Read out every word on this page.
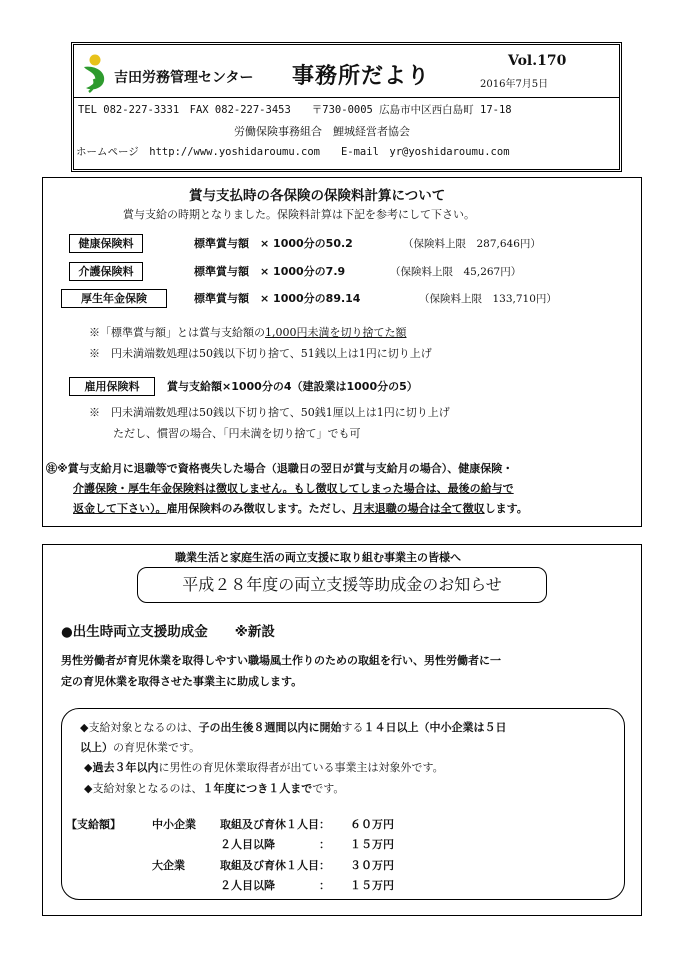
吉田労務管理センター 事務所だより
Vol.170
2016年7月5日
TEL 082-227-3331　FAX 082-227-3453　　〒730-0005 広島市中区西白島町 17-18
労働保険事務組合　鯉城経営者協会
ホームページ　http://www.yoshidaroumu.com　　E-mail　yr@yoshidaroumu.com
賞与支払時の各保険の保険料計算について
賞与支給の時期となりました。保険料計算は下記を参考にして下さい。
健康保険料	標準賞与額　× 1000分の50.2	（保険料上限　287,646円）
介護保険料	標準賞与額　× 1000分の7.9	（保険料上限　45,267円）
厚生年金保険	標準賞与額　× 1000分の89.14	（保険料上限　133,710円）
※「標準賞与額」とは賞与支給額の1,000円未満を切り捨てた額
※　円未満端数処理は50銭以下切り捨て、51銭以上は1円に切り上げ
雇用保険料	賞与支給額×1000分の4（建設業は1000分の5）
※　円未満端数処理は50銭以下切り捨て、50銭1厘以上は1円に切り上げ
ただし、慣習の場合、「円未満を切り捨て」でも可
㊟※賞与支給月に退職等で資格喪失した場合（退職日の翌日が賞与支給月の場合）、健康保険・
介護保険・厚生年金保険料は徴収しません。もし徴収してしまった場合は、最後の給与で
返金して下さい）。雇用保険料のみ徴収します。ただし、月末退職の場合は全て徴収します。
職業生活と家庭生活の両立支援に取り組む事業主の皆様へ
平成２８年度の両立支援等助成金のお知らせ
●出生時両立支援助成金　　※新設
男性労働者が育児休業を取得しやすい職場風土作りのための取組を行い、男性労働者に一
定の育児休業を取得させた事業主に助成します。
◆支給対象となるのは、子の出生後８週間以内に開始する１４日以上（中小企業は５日
以上）の育児休業です。
◆過去３年以内に男性の育児休業取得者が出ている事業主は対象外です。
◆支給対象となるのは、１年度につき１人までです。
【支給額】	中小企業 取組及び育休１人目： ６０万円
２人目以降　　　　： １５万円
大企業	取組及び育休１人目： ３０万円
２人目以降　　　　： １５万円
